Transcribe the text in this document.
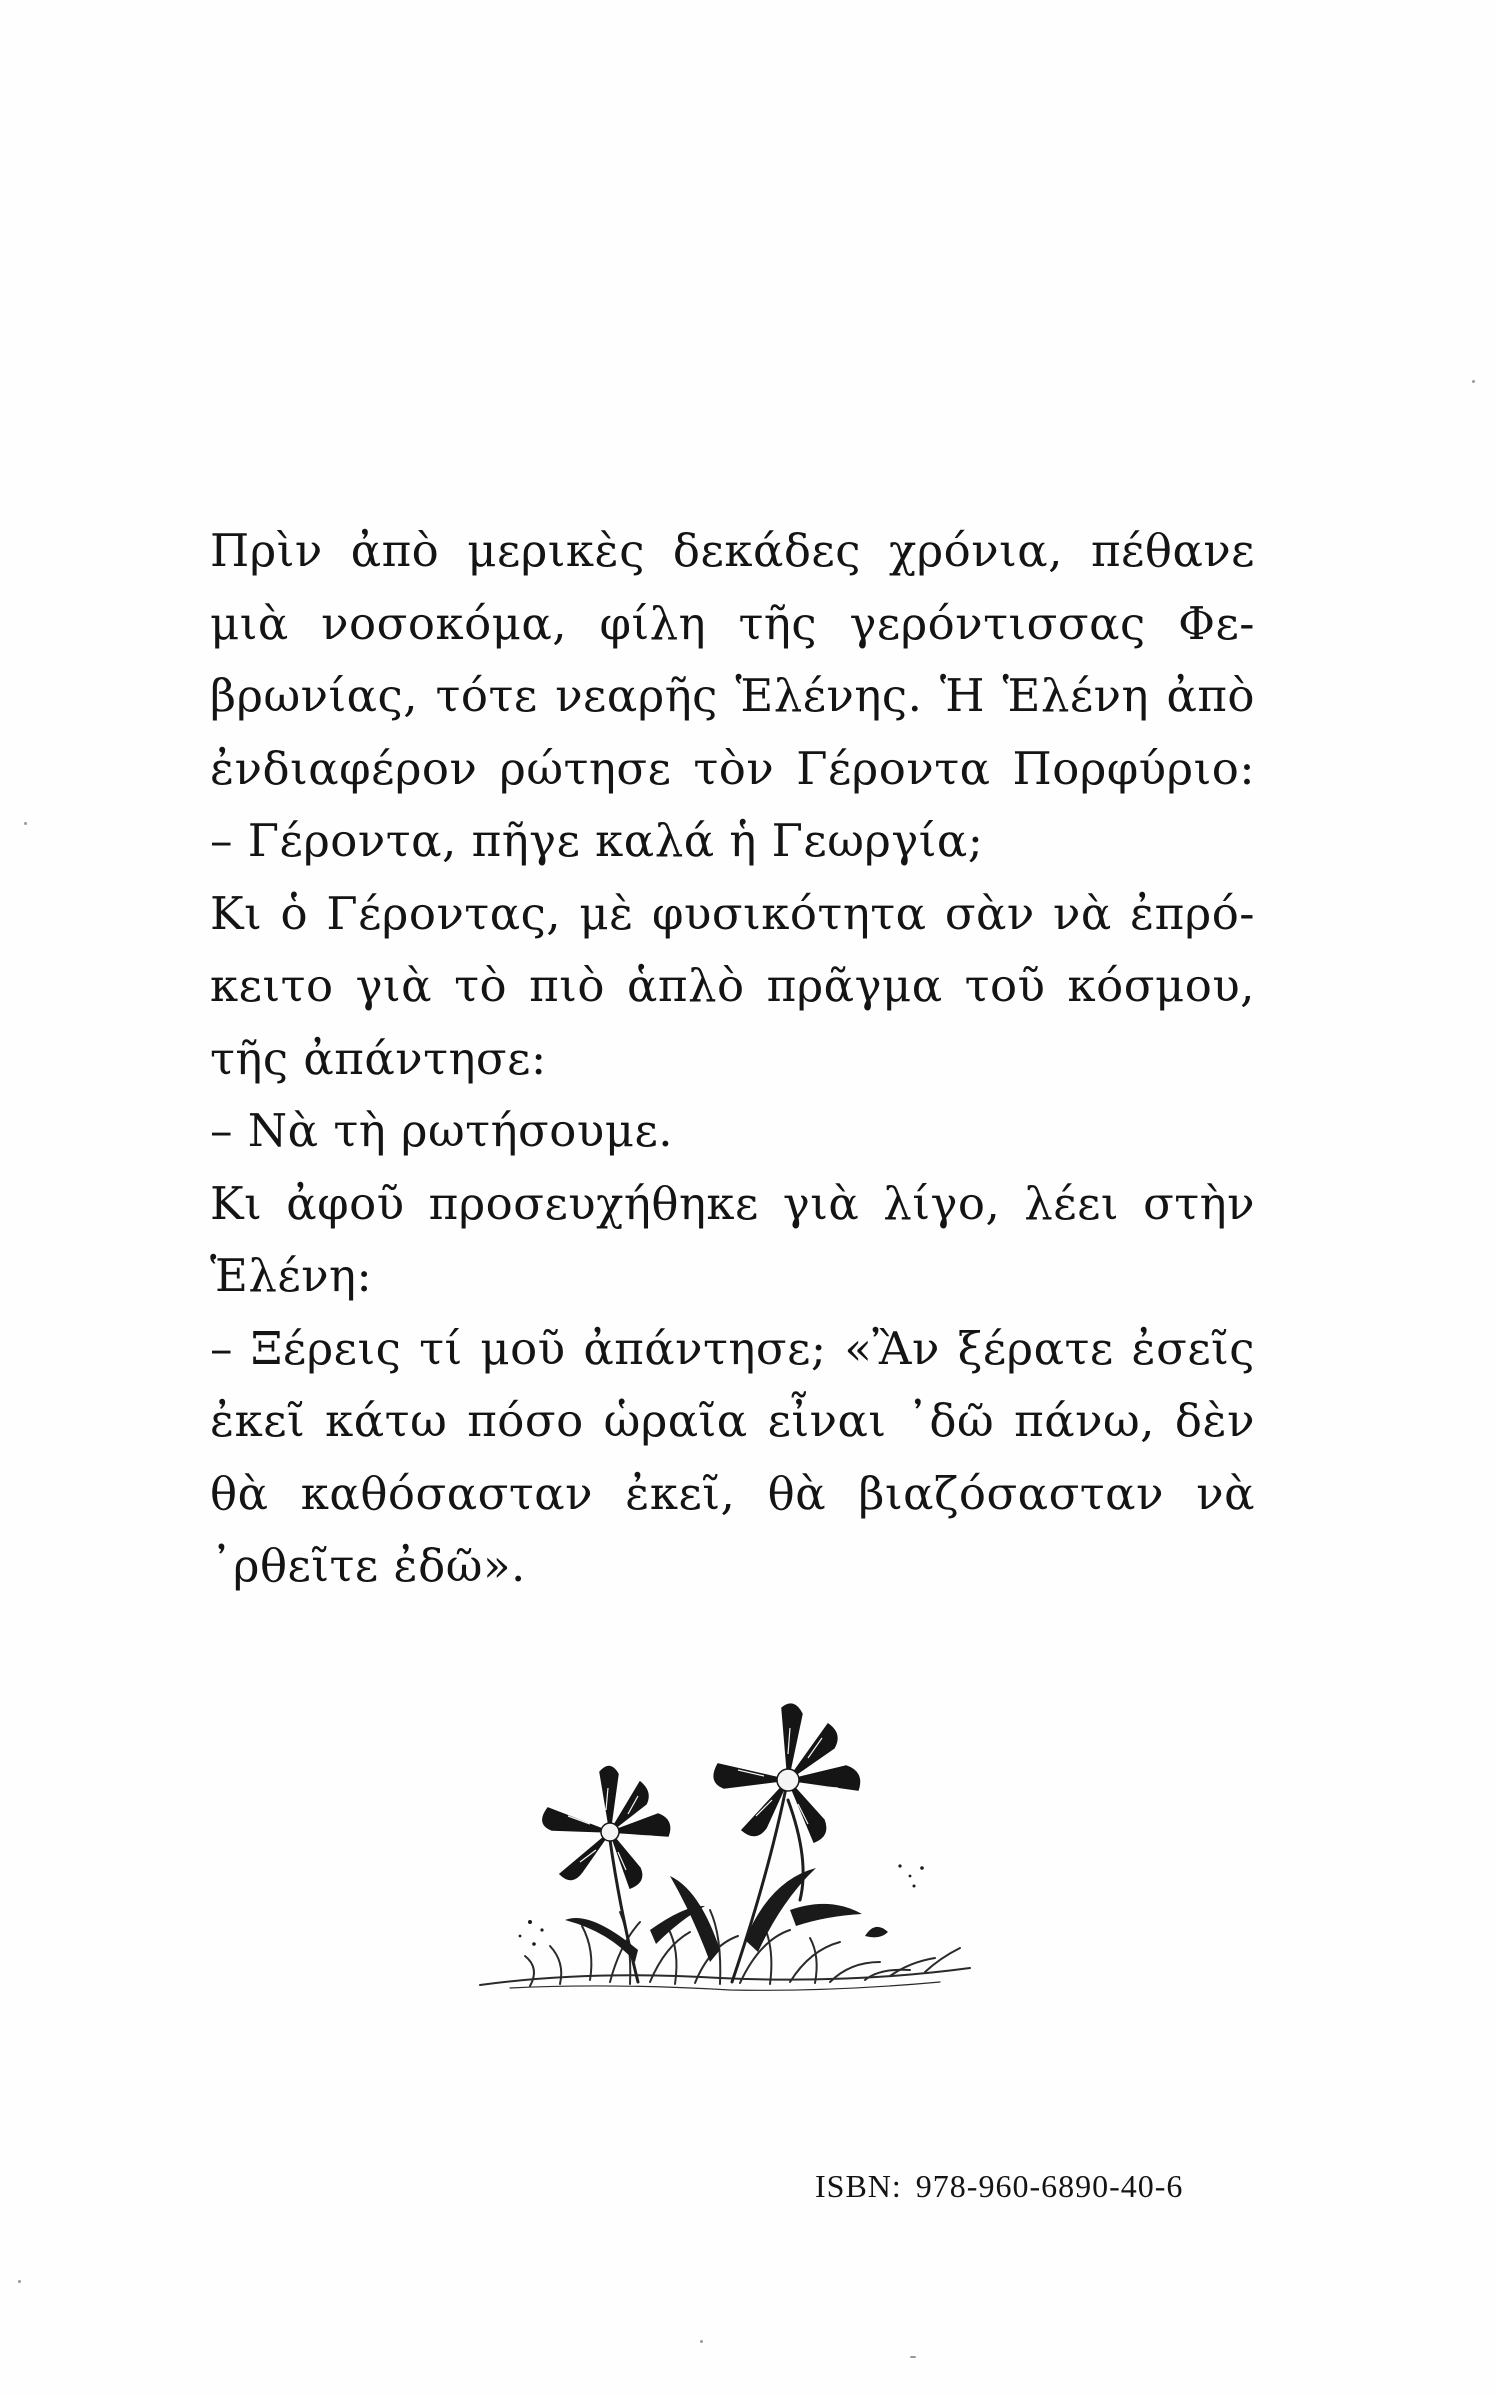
Πρὶν ἀπὸ μερικὲς δεκάδες χρόνια, πέθανε
μιὰ νοσοκόμα, φίλη τῆς γερόντισσας Φε-
βρωνίας, τότε νεαρῆς Ἑλένης. Ἡ Ἑλένη ἀπὸ
ἐνδιαφέρον ρώτησε τὸν Γέροντα Πορφύριο:
– Γέροντα, πῆγε καλά ἡ Γεωργία;
Κι ὁ Γέροντας, μὲ φυσικότητα σὰν νὰ ἐπρό-
κειτο γιὰ τὸ πιὸ ἁπλὸ πρᾶγμα τοῦ κόσμου,
τῆς ἀπάντησε:
– Νὰ τὴ ρωτήσουμε.
Κι ἀφοῦ προσευχήθηκε γιὰ λίγο, λέει στὴν
Ἑλένη:
– Ξέρεις τί μοῦ ἀπάντησε; «Ἂν ξέρατε ἐσεῖς
ἐκεῖ κάτω πόσο ὡραῖα εἶναι ᾿δῶ πάνω, δὲν
θὰ καθόσασταν ἐκεῖ, θὰ βιαζόσασταν νὰ
᾿ρθεῖτε ἐδῶ».
ISBN: 978-960-6890-40-6
